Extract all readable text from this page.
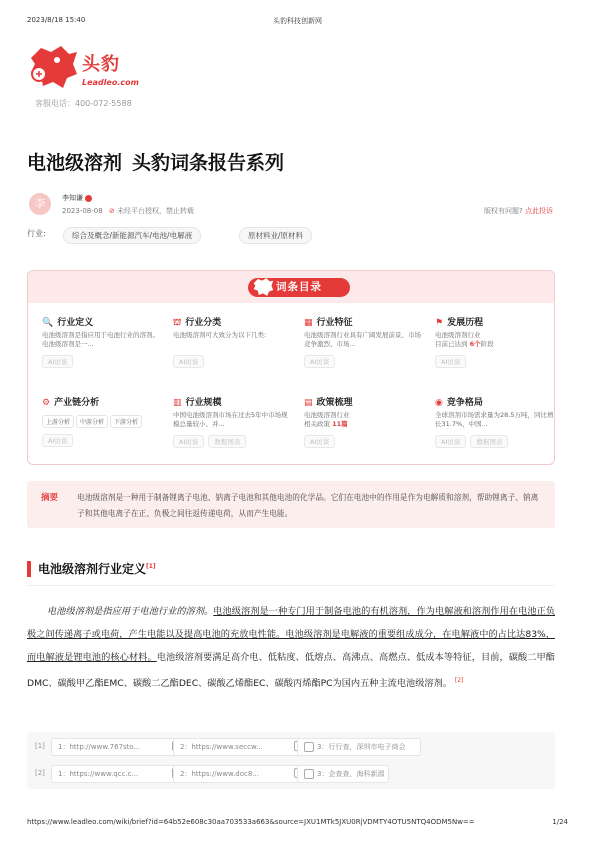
2023/8/18 15:40	头豹科技创新网
头豹
Leadleo.com
客服电话：400-072-5588
电池级溶剂 头豹词条报告系列
李	李知谦
2023-08-08 ⊘ 未经平台授权，禁止转载	版权有问题? 点此投诉
行业:	综合及概念/新能源汽车/电池/电解液	原材料业/原材料
词条目录
🔍 行业定义
电池级溶剂是指应用于电池行业的溶剂。电池级溶剂是一...
AI访谈
⛫ 行业分类
电池级溶剂可大致分为以下几类:
AI访谈
▦ 行业特征
电池级溶剂行业具有广阔发展前景、市场竞争激烈、市场...
AI访谈
⚑ 发展历程
电池级溶剂行业
目前已达到 6个阶段
AI访谈
⚙ 产业链分析
上游分析 中游分析 下游分析
AI访谈
▥ 行业规模
中国电池级溶剂市场在过去5年中市场规模总量较小、并...
AI访谈 数据图表
▤ 政策梳理
电池级溶剂行业
相关政策 11篇
AI访谈
◉ 竞争格局
全球溶剂市场需求量为28.5万吨，同比增长31.7%，中国...
AI访谈 数据图表
摘要 电池级溶剂是一种用于制备锂离子电池、钠离子电池和其他电池的化学品。它们在电池中的作用是作为电解质和溶剂，帮助锂离子、钠离子和其他电离子在正、负极之间往返传递电荷，从而产生电能。
电池级溶剂行业定义[1]
电池级溶剂是指应用于电池行业的溶剂。电池级溶剂是一种专门用于制备电池的有机溶剂，作为电解液和溶剂作用在电池正负极之间传递离子或电荷，产生电能以及提高电池的充放电性能。电池级溶剂是电解液的重要组成成分，在电解液中的占比达83%，而电解液是锂电池的核心材料。电池级溶剂要满足高介电、低粘度、低熔点、高沸点、高燃点、低成本等特征，目前，碳酸二甲酯DMC、碳酸甲乙酯EMC、碳酸二乙酯DEC、碳酸乙烯酯EC、碳酸丙烯酯PC为国内五种主流电池级溶剂。 [2]
[1]	1：http://www.767sto...	2：https://www.seccw...	3：行行查，深圳市电子商会
[2]	1：https://www.qcc.c...	2：https://www.doc8...	3：企查查，海科新源
https://www.leadleo.com/wiki/brief?id=64b52e608c30aa703533a663&source=JXU1MTk5JXU0RjVDMTY4OTU5NTQ4ODM5Nw==	1/24
